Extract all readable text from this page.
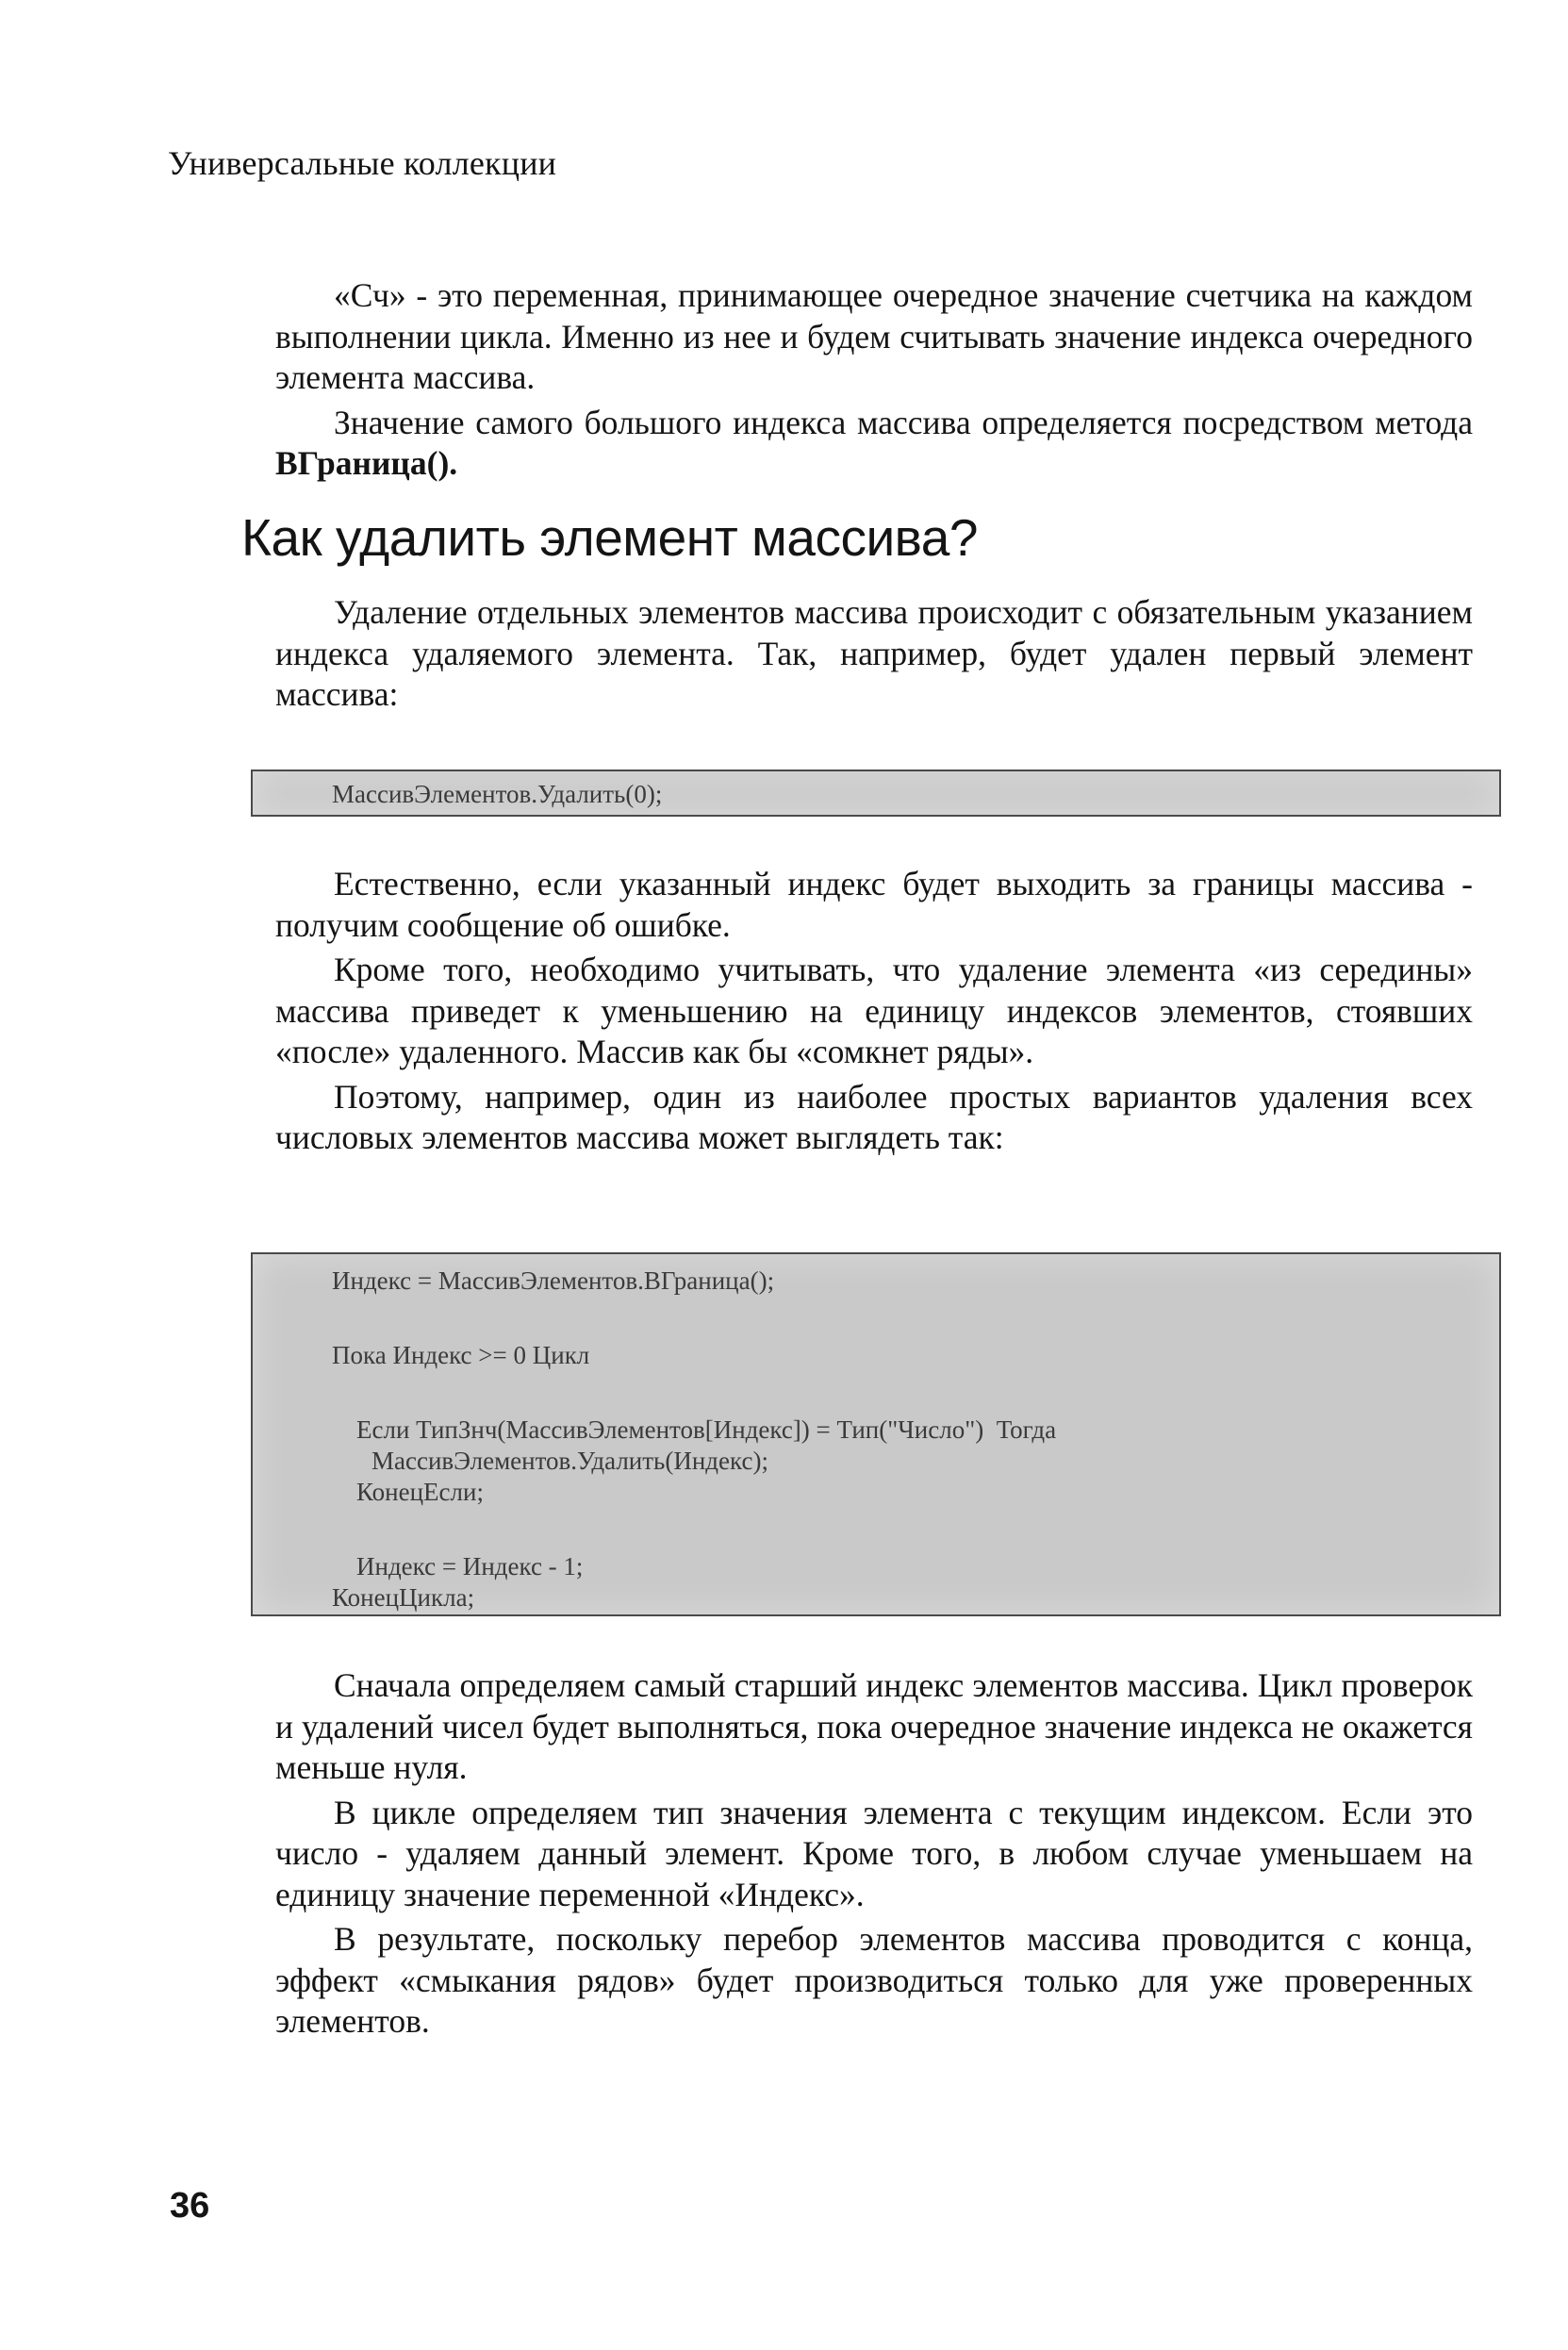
Универсальные коллекции

«Сч» - это переменная, принимающее очередное значение счетчика на каждом выполнении цикла. Именно из нее и будем считывать значение индекса очередного элемента массива.

Значение самого большого индекса массива определяется посредством метода ВГраница().

Как удалить элемент массива?

Удаление отдельных элементов массива происходит с обязательным указанием индекса удаляемого элемента. Так, например, будет удален первый элемент массива:

МассивЭлементов.Удалить(0);

Естественно, если указанный индекс будет выходить за границы массива - получим сообщение об ошибке.

Кроме того, необходимо учитывать, что удаление элемента «из середины» массива приведет к уменьшению на единицу индексов элементов, стоявших «после» удаленного. Массив как бы «сомкнет ряды».

Поэтому, например, один из наиболее простых вариантов удаления всех числовых элементов массива может выглядеть так:

Индекс = МассивЭлементов.ВГраница();
Пока Индекс >= 0 Цикл
Если ТипЗнч(МассивЭлементов[Индекс]) = Тип("Число")  Тогда
МассивЭлементов.Удалить(Индекс);
КонецЕсли;
Индекс = Индекс - 1;
КонецЦикла;

Сначала определяем самый старший индекс элементов массива. Цикл проверок и удалений чисел будет выполняться, пока очередное значение индекса не окажется меньше нуля.

В цикле определяем тип значения элемента с текущим индексом. Если это число - удаляем данный элемент. Кроме того, в любом случае уменьшаем на единицу значение переменной «Индекс».

В результате, поскольку перебор элементов массива проводится с конца, эффект «смыкания рядов» будет производиться только для уже проверенных элементов.

36
